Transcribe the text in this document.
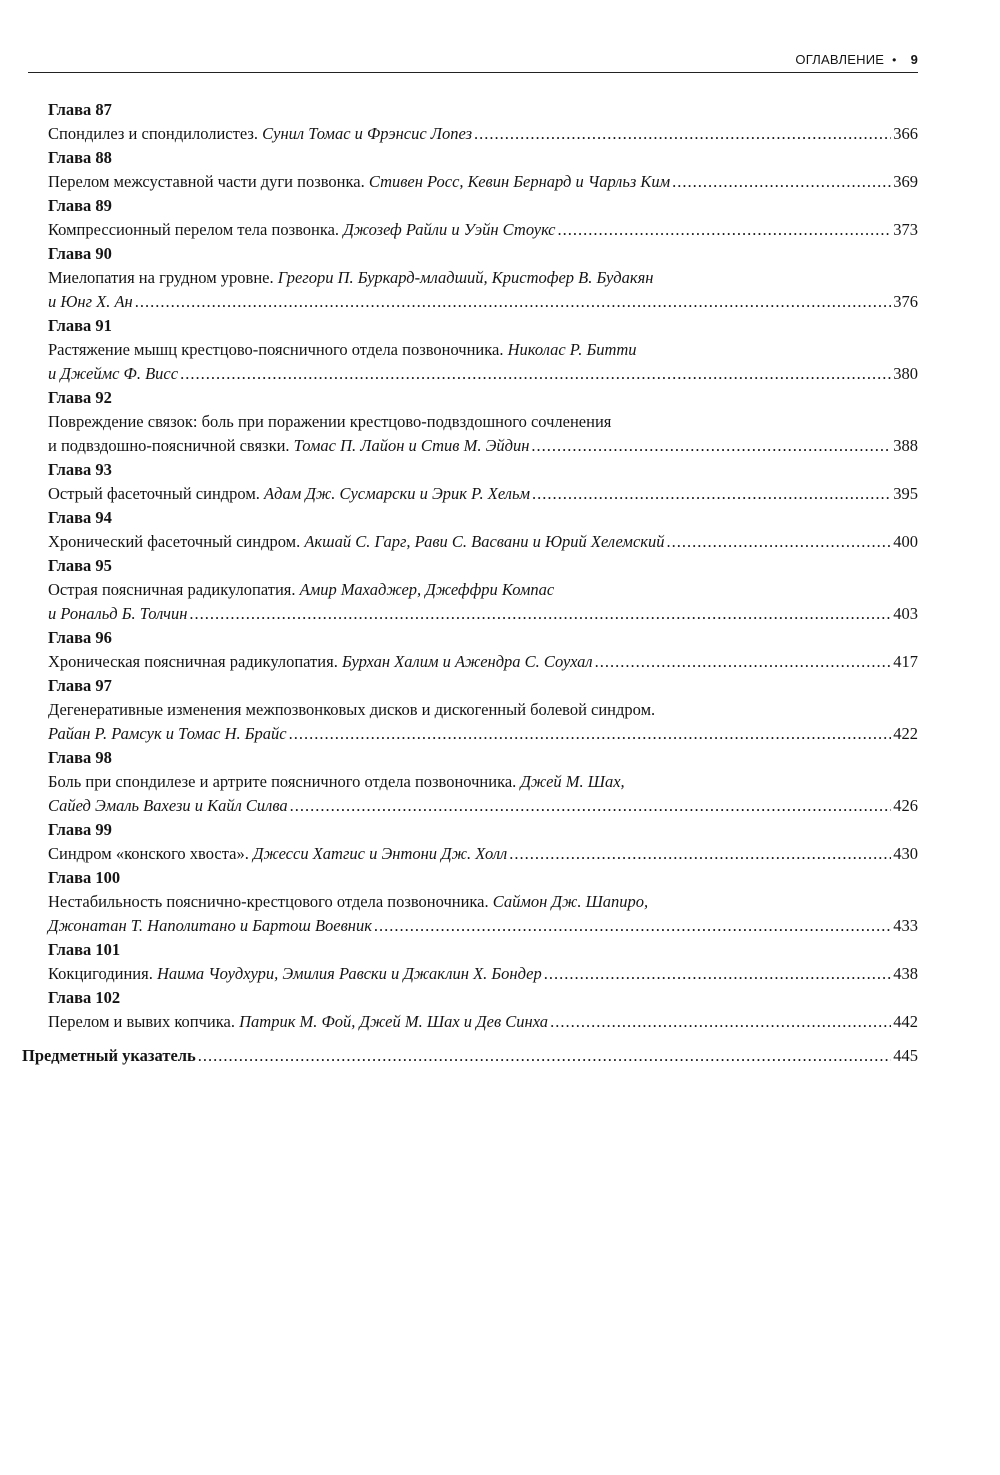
ОГЛАВЛЕНИЕ • 9
Глава 87
Спондилез и спондилолистез. Сунил Томас и Фрэнсис Лопез .....	366
Глава 88
Перелом межсуставной части дуги позвонка. Стивен Росс, Кевин Бернард и Чарльз Ким .....	369
Глава 89
Компрессионный перелом тела позвонка. Джозеф Райли и Уэйн Стоукс .....	373
Глава 90
Миелопатия на грудном уровне. Грегори П. Буркард-младший, Кристофер В. Будакян
и Юнг Х. Ан .....	376
Глава 91
Растяжение мышц крестцово-поясничного отдела позвоночника. Николас Р. Битти
и Джеймс Ф. Висс .....	380
Глава 92
Повреждение связок: боль при поражении крестцово-подвздошного сочленения
и подвздошно-поясничной связки. Томас П. Лайон и Стив М. Эйдин .....	388
Глава 93
Острый фасеточный синдром. Адам Дж. Сусмарски и Эрик Р. Хельм .....	395
Глава 94
Хронический фасеточный синдром. Акшай С. Гарг, Рави С. Васвани и Юрий Хелемский .....	400
Глава 95
Острая поясничная радикулопатия. Амир Махаджер, Джеффри Компас
и Рональд Б. Толчин .....	403
Глава 96
Хроническая поясничная радикулопатия. Бурхан Халим и Ажендра С. Соухал .....	417
Глава 97
Дегенеративные изменения межпозвонковых дисков и дискогенный болевой синдром.
Райан Р. Рамсук и Томас Н. Брайс .....	422
Глава 98
Боль при спондилезе и артрите поясничного отдела позвоночника. Джей М. Шах,
Сайед Эмаль Вахези и Кайл Силва .....	426
Глава 99
Синдром «конского хвоста». Джесси Хатгис и Энтони Дж. Холл .....	430
Глава 100
Нестабильность пояснично-крестцового отдела позвоночника. Саймон Дж. Шапиро,
Джонатан Т. Наполитано и Бартош Воевник .....	433
Глава 101
Кокцигодиния. Наима Чоудхури, Эмилия Равски и Джаклин Х. Бондер .....	438
Глава 102
Перелом и вывих копчика. Патрик М. Фой, Джей М. Шах и Дев Синха .....	442
Предметный указатель .....	445
